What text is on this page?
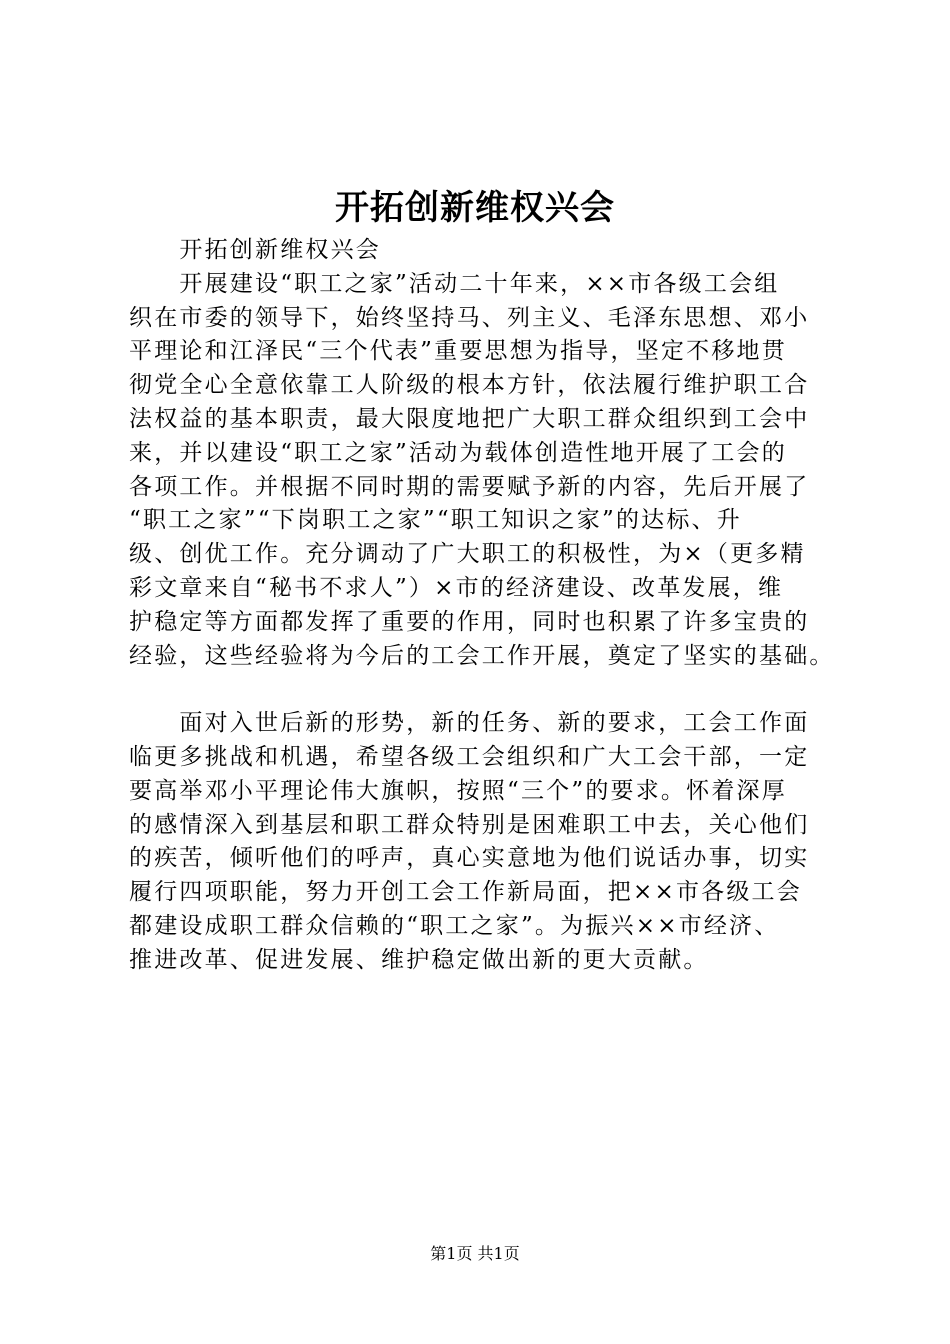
开拓创新维权兴会
　　开拓创新维权兴会
　　开展建设“职工之家”活动二十年来，××市各级工会组
织在市委的领导下，始终坚持马、列主义、毛泽东思想、邓小
平理论和江泽民“三个代表”重要思想为指导，坚定不移地贯
彻党全心全意依靠工人阶级的根本方针，依法履行维护职工合
法权益的基本职责，最大限度地把广大职工群众组织到工会中
来，并以建设“职工之家”活动为载体创造性地开展了工会的
各项工作。并根据不同时期的需要赋予新的内容，先后开展了
“职工之家”“下岗职工之家”“职工知识之家”的达标、升
级、创优工作。充分调动了广大职工的积极性，为×（更多精
彩文章来自“秘书不求人”）×市的经济建设、改革发展，维
护稳定等方面都发挥了重要的作用，同时也积累了许多宝贵的
经验，这些经验将为今后的工会工作开展，奠定了坚实的基础。
　　面对入世后新的形势，新的任务、新的要求，工会工作面
临更多挑战和机遇，希望各级工会组织和广大工会干部，一定
要高举邓小平理论伟大旗帜，按照“三个”的要求。怀着深厚
的感情深入到基层和职工群众特别是困难职工中去，关心他们
的疾苦，倾听他们的呼声，真心实意地为他们说话办事，切实
履行四项职能，努力开创工会工作新局面，把××市各级工会
都建设成职工群众信赖的“职工之家”。为振兴××市经济、
推进改革、促进发展、维护稳定做出新的更大贡献。
第1页 共1页
